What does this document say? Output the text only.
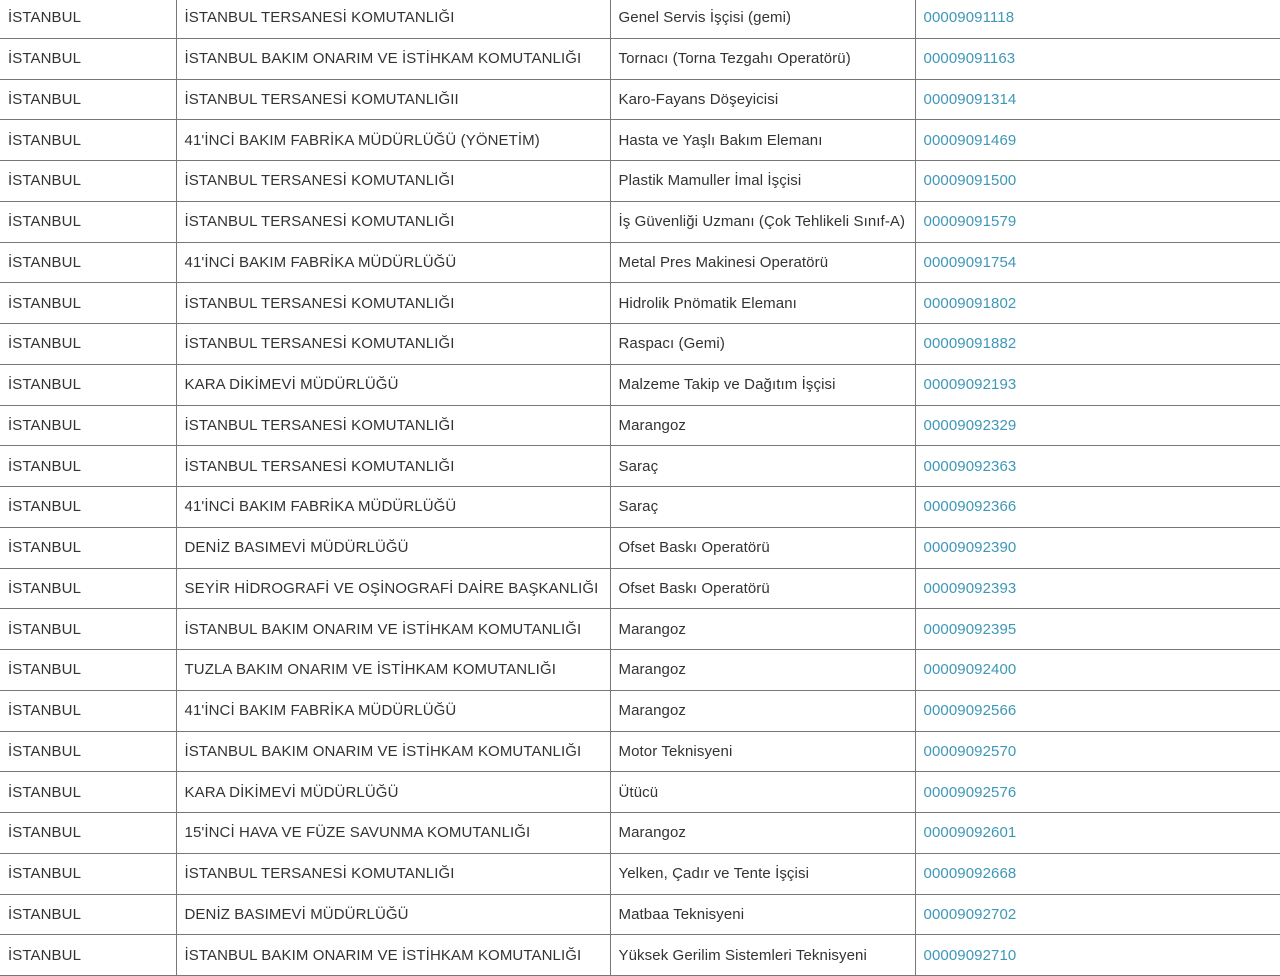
İSTANBUL	İSTANBUL TERSANESİ KOMUTANLIĞI	Genel Servis İşçisi (gemi)	00009091118
İSTANBUL	İSTANBUL BAKIM ONARIM VE İSTİHKAM KOMUTANLIĞI	Tornacı (Torna Tezgahı Operatörü)	00009091163
İSTANBUL	İSTANBUL TERSANESİ KOMUTANLIĞII	Karo-Fayans Döşeyicisi	00009091314
İSTANBUL	41'İNCİ BAKIM FABRİKA MÜDÜRLÜĞÜ (YÖNETİM)	Hasta ve Yaşlı Bakım Elemanı	00009091469
İSTANBUL	İSTANBUL TERSANESİ KOMUTANLIĞI	Plastik Mamuller İmal İşçisi	00009091500
İSTANBUL	İSTANBUL TERSANESİ KOMUTANLIĞI	İş Güvenliği Uzmanı (Çok Tehlikeli Sınıf-A)	00009091579
İSTANBUL	41'İNCİ BAKIM FABRİKA MÜDÜRLÜĞÜ	Metal Pres Makinesi Operatörü	00009091754
İSTANBUL	İSTANBUL TERSANESİ KOMUTANLIĞI	Hidrolik Pnömatik Elemanı	00009091802
İSTANBUL	İSTANBUL TERSANESİ KOMUTANLIĞI	Raspacı (Gemi)	00009091882
İSTANBUL	KARA DİKİMEVİ MÜDÜRLÜĞÜ	Malzeme Takip ve Dağıtım İşçisi	00009092193
İSTANBUL	İSTANBUL TERSANESİ KOMUTANLIĞI	Marangoz	00009092329
İSTANBUL	İSTANBUL TERSANESİ KOMUTANLIĞI	Saraç	00009092363
İSTANBUL	41'İNCİ BAKIM FABRİKA MÜDÜRLÜĞÜ	Saraç	00009092366
İSTANBUL	DENİZ BASIMEVİ MÜDÜRLÜĞÜ	Ofset Baskı Operatörü	00009092390
İSTANBUL	SEYİR HİDROGRAFİ VE OŞİNOGRAFİ DAİRE BAŞKANLIĞI	Ofset Baskı Operatörü	00009092393
İSTANBUL	İSTANBUL BAKIM ONARIM VE İSTİHKAM KOMUTANLIĞI	Marangoz	00009092395
İSTANBUL	TUZLA BAKIM ONARIM VE İSTİHKAM KOMUTANLIĞI	Marangoz	00009092400
İSTANBUL	41'İNCİ BAKIM FABRİKA MÜDÜRLÜĞÜ	Marangoz	00009092566
İSTANBUL	İSTANBUL BAKIM ONARIM VE İSTİHKAM KOMUTANLIĞI	Motor Teknisyeni	00009092570
İSTANBUL	KARA DİKİMEVİ MÜDÜRLÜĞÜ	Ütücü	00009092576
İSTANBUL	15'İNCİ HAVA VE FÜZE SAVUNMA KOMUTANLIĞI	Marangoz	00009092601
İSTANBUL	İSTANBUL TERSANESİ KOMUTANLIĞI	Yelken, Çadır ve Tente İşçisi	00009092668
İSTANBUL	DENİZ BASIMEVİ MÜDÜRLÜĞÜ	Matbaa Teknisyeni	00009092702
İSTANBUL	İSTANBUL BAKIM ONARIM VE İSTİHKAM KOMUTANLIĞI	Yüksek Gerilim Sistemleri Teknisyeni	00009092710
